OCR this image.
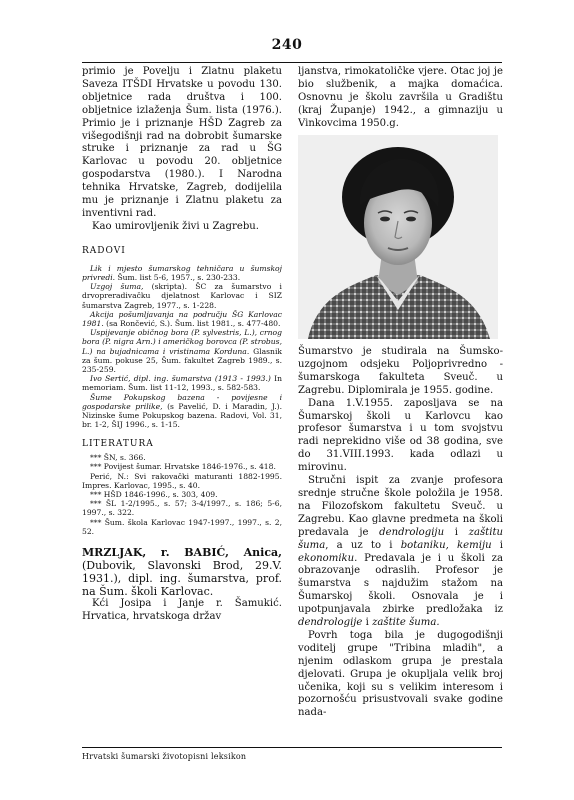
240

primio je Povelju i Zlatnu plaketu Saveza ITŠDI Hrvatske u povodu 130. obljetnice rada društva i 100. obljetnice izlaženja Šum. lista (1976.). Primio je i priznanje HŠD Zagreb za višegodišnji rad na dobrobit šumarske struke i priznanje za rad u ŠG Karlovac u povodu 20. obljetnice gospodarstva (1980.). I Narodna tehnika Hrvatske, Zagreb, dodijelila mu je priznanje i Zlatnu plaketu za inventivni rad.

Kao umirovljenik živi u Zagrebu.

RADOVI

Lik i mjesto šumarskog tehničara u šumskoj privredi. Šum. list 5-6, 1957., s. 230-233.

Uzgoj šuma, (skripta). ŠC za šumarstvo i drvopreradivačku djelatnost Karlovac i SIZ šumarstva Zagreb, 1977., s. 1-228.

Akcija pošumljavanja na području ŠG Karlovac 1981. (sa Rončević, S.). Šum. list 1981., s. 477-480.

Uspijevanje običnog bora (P. sylvestris, L.), crnog bora (P. nigra Arn.) i američkog borovca (P. strobus, L.) na bujadnicama i vristinama Korduna. Glasnik za šum. pokuse 25, Šum. fakultet Zagreb 1989., s. 235-259.

Ivo Sertić, dipl. ing. šumarstva (1913 - 1993.) In memoriam. Šum. list 11-12, 1993., s. 582-583.

Šume Pokupskog bazena - povijesne i gospodarske prilike, (s Pavelić, D. i Maradin, J.). Nizinske šume Pokupskog bazena. Radovi, Vol. 31, br. 1-2, ŠIJ 1996., s. 1-15.

LITERATURA

*** ŠN, s. 366.

*** Povijest šumar. Hrvatske 1846-1976., s. 418.

Perić, N.: Svi rakovački maturanti 1882-1995. Impres. Karlovac, 1995., s. 40.

*** HŠD 1846-1996., s. 303, 409.

*** ŠL 1-2/1995., s. 57; 3-4/1997., s. 186; 5-6, 1997., s. 322.

*** Šum. škola Karlovac 1947-1997., 1997., s. 2, 52.

MRZLJAK, r. BABIĆ, Anica, (Dubovik, Slavonski Brod, 29.V. 1931.), dipl. ing. šumarstva, prof. na Šum. školi Karlovac.

Kći Josipa i Janje r. Šamukić. Hrvatica, hrvatskoga držav

ljanstva, rimokatoličke vjere. Otac joj je bio službenik, a majka domaćica. Osnovnu je školu završila u Gradištu (kraj Županje) 1942., a gimnaziju u Vinkovcima 1950.g.

Šumarstvo je studirala na Šumsko-uzgojnom odsjeku Poljoprivredno - šumarskoga fakulteta Sveuč. u Zagrebu. Diplomirala je 1955. godine.

Dana 1.V.1955. zaposljava se na Šumarskoj školi u Karlovcu kao profesor šumarstva i u tom svojstvu radi neprekidno više od 38 godina, sve do 31.VIII.1993. kada odlazi u mirovinu.

Stručni ispit za zvanje profesora srednje stručne škole položila je 1958. na Filozofskom fakultetu Sveuč. u Zagrebu. Kao glavne predmeta na školi predavala je dendrologiju i zaštitu šuma, a uz to i botaniku, kemiju i ekonomiku. Predavala je i u školi za obrazovanje odraslih. Profesor je šumarstva s najdužim stažom na Šumarskoj školi. Osnovala je i upotpunjavala zbirke predložaka iz dendrologije i zaštite šuma.

Povrh toga bila je dugogodišnji voditelj grupe "Tribina mladih", a njenim odlaskom grupa je prestala djelovati. Grupa je okupljala velik broj učenika, koji su s velikim interesom i pozornošću prisustvovali svake godine nada-

Hrvatski šumarski životopisni leksikon
